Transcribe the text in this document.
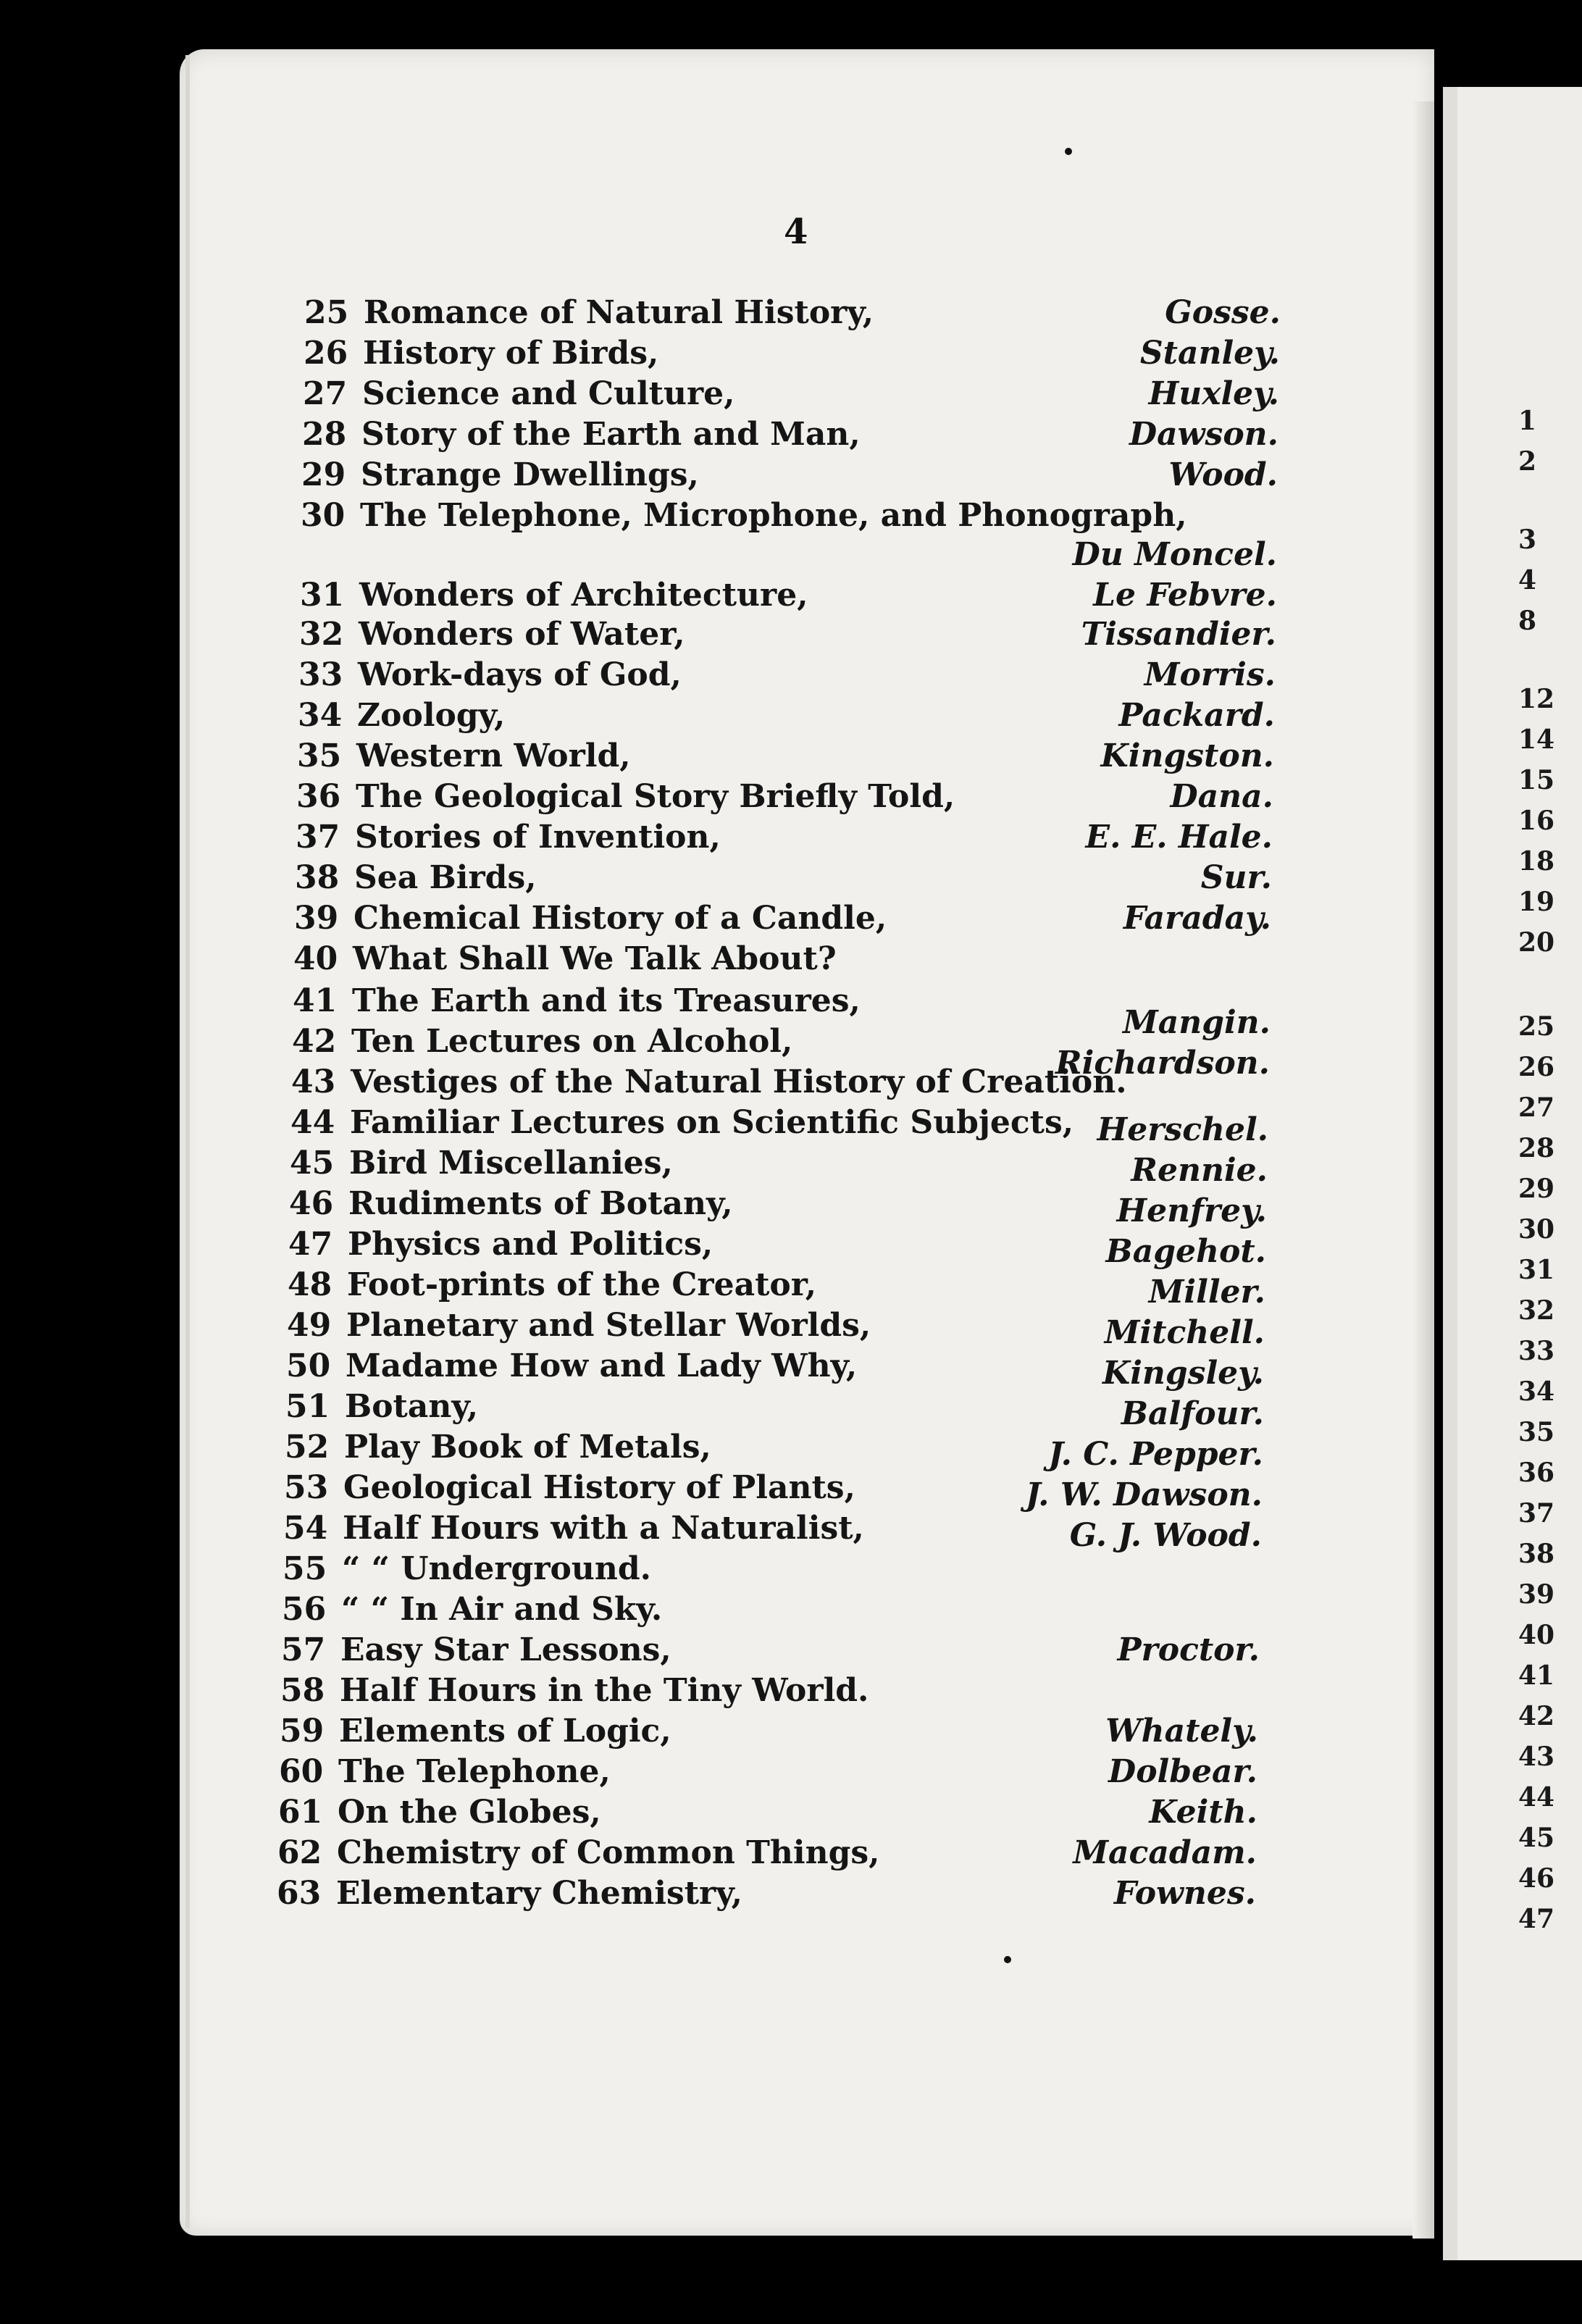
4
25 Romance of Natural History,	Gosse.
26 History of Birds,	Stanley.
27 Science and Culture,	Huxley.
28 Story of the Earth and Man,	Dawson.
29 Strange Dwellings,	Wood.
30 The Telephone, Microphone, and Phonograph,
Du Moncel.
31 Wonders of Architecture,	Le Febvre.
32 Wonders of Water,	Tissandier.
33 Work-days of God,	Morris.
34 Zoology,	Packard.
35 Western World,	Kingston.
36 The Geological Story Briefly Told,	Dana.
37 Stories of Invention,	E. E. Hale.
38 Sea Birds,	Sur.
39 Chemical History of a Candle,	Faraday.
40 What Shall We Talk About?
41 The Earth and its Treasures,
Mangin.
42 Ten Lectures on Alcohol,
Richardson.
43 Vestiges of the Natural History of Creation.
44 Familiar Lectures on Scientific Subjects, Herschel.
45 Bird Miscellanies,	Rennie.
46 Rudiments of Botany,	Henfrey.
47 Physics and Politics,	Bagehot.
48 Foot-prints of the Creator,	Miller.
49 Planetary and Stellar Worlds,	Mitchell.
50 Madame How and Lady Why,	Kingsley.
51 Botany,	Balfour.
52 Play Book of Metals,	J. C. Pepper.
53 Geological History of Plants,	J. W. Dawson.
54 Half Hours with a Naturalist,	G. J. Wood.
55 “ “ Underground.
56 “ “ In Air and Sky.
57 Easy Star Lessons,	Proctor.
58 Half Hours in the Tiny World.
59 Elements of Logic,	Whately.
60 The Telephone,	Dolbear.
61 On the Globes,	Keith.
62 Chemistry of Common Things,	Macadam.
63 Elementary Chemistry,	Fownes.
1
2
3
4
8
12
14
15
16
18
19
20
25
26
27
28
29
30
31
32
33
34
35
36
37
38
39
40
41
42
43
44
45
46
47
